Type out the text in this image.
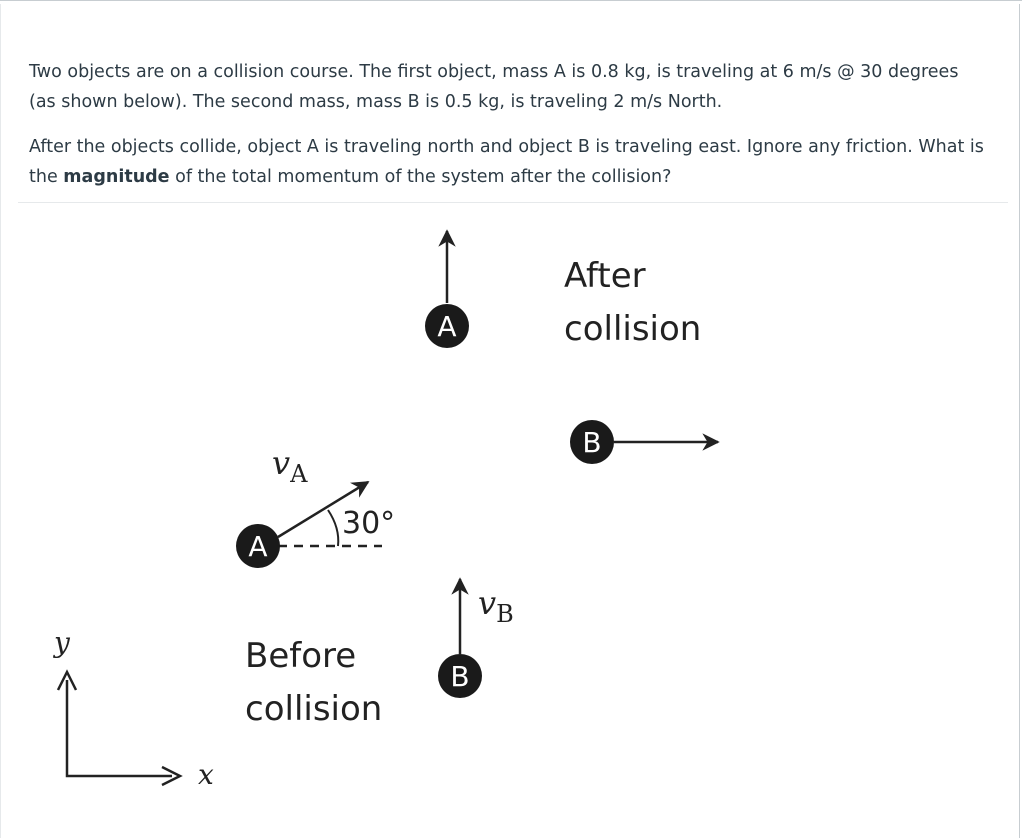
Two objects are on a collision course. The first object, mass A is 0.8 kg, is traveling at 6 m/s @ 30 degrees (as shown below). The second mass, mass B is 0.5 kg, is traveling 2 m/s North.

After the objects collide, object A is traveling north and object B is traveling east. Ignore any friction. What is the magnitude of the total momentum of the system after the collision?

A
After
collision
B
$v_A$
30°
A
$v_B$
B
Before
collision
y
x
